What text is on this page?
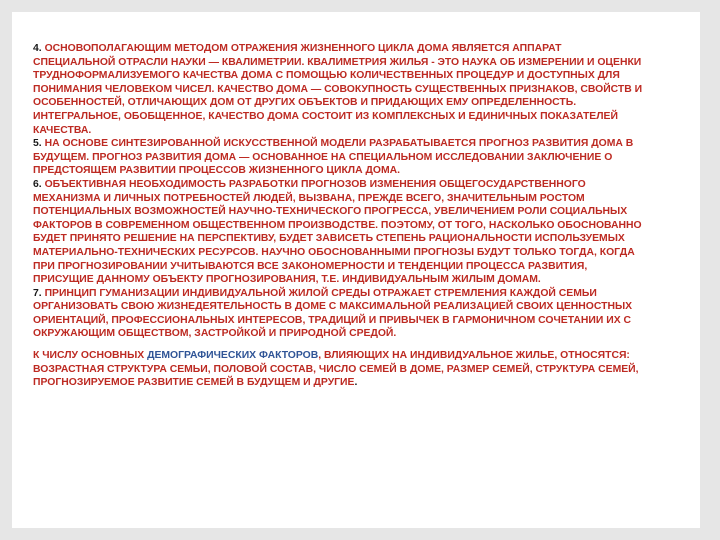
4. ОСНОВОПОЛАГАЮЩИМ МЕТОДОМ ОТРАЖЕНИЯ ЖИЗНЕННОГО ЦИКЛА ДОМА ЯВЛЯЕТСЯ АППАРАТ СПЕЦИАЛЬНОЙ ОТРАСЛИ НАУКИ — КВАЛИМЕТРИИ. КВАЛИМЕТРИЯ ЖИЛЬЯ - ЭТО НАУКА ОБ ИЗМЕРЕНИИ И ОЦЕНКИ ТРУДНОФОРМАЛИЗУЕМОГО КАЧЕСТВА ДОМА С ПОМОЩЬЮ КОЛИЧЕСТВЕННЫХ ПРОЦЕДУР И ДОСТУПНЫХ ДЛЯ ПОНИМАНИЯ ЧЕЛОВЕКОМ ЧИСЕЛ. КАЧЕСТВО ДОМА — СОВОКУПНОСТЬ СУЩЕСТВЕННЫХ ПРИЗНАКОВ, СВОЙСТВ И ОСОБЕННОСТЕЙ, ОТЛИЧАЮЩИХ ДОМ ОТ ДРУГИХ ОБЪЕКТОВ И ПРИДАЮЩИХ ЕМУ ОПРЕДЕЛЕННОСТЬ. ИНТЕГРАЛЬНОЕ, ОБОБЩЕННОЕ, КАЧЕСТВО ДОМА СОСТОИТ ИЗ КОМПЛЕКСНЫХ И ЕДИНИЧНЫХ ПОКАЗАТЕЛЕЙ КАЧЕСТВА.

5. НА ОСНОВЕ СИНТЕЗИРОВАННОЙ ИСКУССТВЕННОЙ МОДЕЛИ РАЗРАБАТЫВАЕТСЯ ПРОГНОЗ РАЗВИТИЯ ДОМА В БУДУЩЕМ. ПРОГНОЗ РАЗВИТИЯ ДОМА — ОСНОВАННОЕ НА СПЕЦИАЛЬНОМ ИССЛЕДОВАНИИ ЗАКЛЮЧЕНИЕ О ПРЕДСТОЯЩЕМ РАЗВИТИИ ПРОЦЕССОВ ЖИЗНЕННОГО ЦИКЛА ДОМА.

6. ОБЪЕКТИВНАЯ НЕОБХОДИМОСТЬ РАЗРАБОТКИ ПРОГНОЗОВ ИЗМЕНЕНИЯ ОБЩЕГОСУДАРСТВЕННОГО МЕХАНИЗМА И ЛИЧНЫХ ПОТРЕБНОСТЕЙ ЛЮДЕЙ, ВЫЗВАНА, ПРЕЖДЕ ВСЕГО, ЗНАЧИТЕЛЬНЫМ РОСТОМ ПОТЕНЦИАЛЬНЫХ ВОЗМОЖНОСТЕЙ НАУЧНО-ТЕХНИЧЕСКОГО ПРОГРЕССА, УВЕЛИЧЕНИЕМ РОЛИ СОЦИАЛЬНЫХ ФАКТОРОВ В СОВРЕМЕННОМ ОБЩЕСТВЕННОМ ПРОИЗВОДСТВЕ. ПОЭТОМУ, ОТ ТОГО, НАСКОЛЬКО ОБОСНОВАННО БУДЕТ ПРИНЯТО РЕШЕНИЕ НА ПЕРСПЕКТИВУ, БУДЕТ ЗАВИСЕТЬ СТЕПЕНЬ РАЦИОНАЛЬНОСТИ ИСПОЛЬЗУЕМЫХ МАТЕРИАЛЬНО-ТЕХНИЧЕСКИХ РЕСУРСОВ. НАУЧНО ОБОСНОВАННЫМИ ПРОГНОЗЫ БУДУТ ТОЛЬКО ТОГДА, КОГДА ПРИ ПРОГНОЗИРОВАНИИ УЧИТЫВАЮТСЯ ВСЕ ЗАКОНОМЕРНОСТИ И ТЕНДЕНЦИИ ПРОЦЕССА РАЗВИТИЯ, ПРИСУЩИЕ ДАННОМУ ОБЪЕКТУ ПРОГНОЗИРОВАНИЯ, Т.Е. ИНДИВИДУАЛЬНЫМ ЖИЛЫМ ДОМАМ.

7. ПРИНЦИП ГУМАНИЗАЦИИ ИНДИВИДУАЛЬНОЙ ЖИЛОЙ СРЕДЫ ОТРАЖАЕТ СТРЕМЛЕНИЯ КАЖДОЙ СЕМЬИ ОРГАНИЗОВАТЬ СВОЮ ЖИЗНЕДЕЯТЕЛЬНОСТЬ В ДОМЕ С МАКСИМАЛЬНОЙ РЕАЛИЗАЦИЕЙ СВОИХ ЦЕННОСТНЫХ ОРИЕНТАЦИЙ, ПРОФЕССИОНАЛЬНЫХ ИНТЕРЕСОВ, ТРАДИЦИЙ И ПРИВЫЧЕК В ГАРМОНИЧНОМ СОЧЕТАНИИ ИХ С ОКРУЖАЮЩИМ ОБЩЕСТВОМ, ЗАСТРОЙКОЙ И ПРИРОДНОЙ СРЕДОЙ.

К ЧИСЛУ ОСНОВНЫХ ДЕМОГРАФИЧЕСКИХ ФАКТОРОВ, ВЛИЯЮЩИХ НА ИНДИВИДУАЛЬНОЕ ЖИЛЬЕ, ОТНОСЯТСЯ: ВОЗРАСТНАЯ СТРУКТУРА СЕМЬИ, ПОЛОВОЙ СОСТАВ, ЧИСЛО СЕМЕЙ В ДОМЕ, РАЗМЕР СЕМЕЙ, СТРУКТУРА СЕМЕЙ, ПРОГНОЗИРУЕМОЕ РАЗВИТИЕ СЕМЕЙ В БУДУЩЕМ И ДРУГИЕ.
